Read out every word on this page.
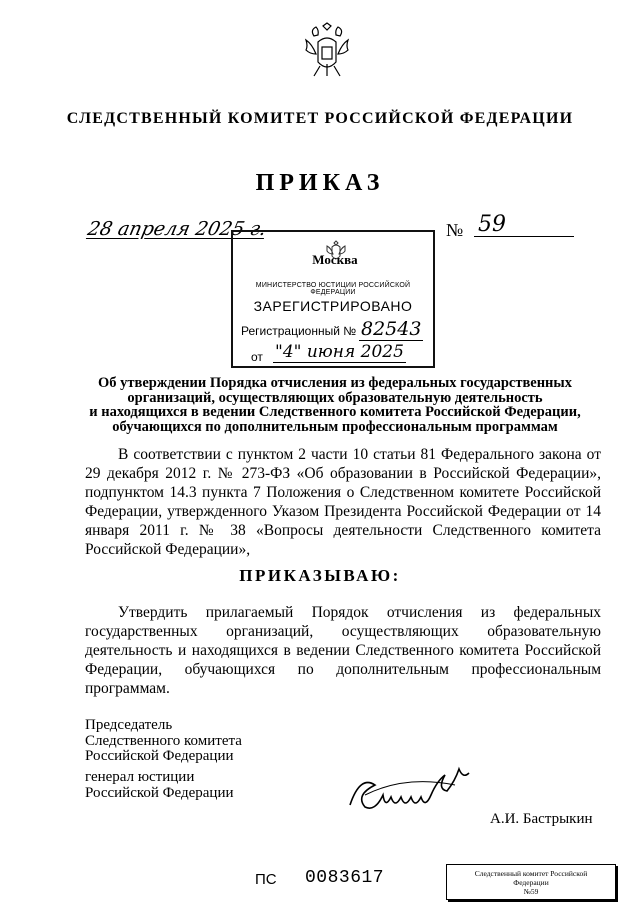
СЛЕДСТВЕННЫЙ КОМИТЕТ РОССИЙСКОЙ ФЕДЕРАЦИИ
ПРИКАЗ
28 апреля 2025 г.	№ 59
Москва
МИНИСТЕРСТВО ЮСТИЦИИ РОССИЙСКОЙ ФЕДЕРАЦИИ
ЗАРЕГИСТРИРОВАНО
Регистрационный № 82543
от "4" июня 2025
Об утверждении Порядка отчисления из федеральных государственных
организаций, осуществляющих образовательную деятельность
и находящихся в ведении Следственного комитета Российской Федерации,
обучающихся по дополнительным профессиональным программам
В соответствии с пунктом 2 части 10 статьи 81 Федерального закона от 29 декабря 2012 г. № 273-ФЗ «Об образовании в Российской Федерации», подпунктом 14.3 пункта 7 Положения о Следственном комитете Российской Федерации, утвержденного Указом Президента Российской Федерации от 14 января 2011 г. № 38 «Вопросы деятельности Следственного комитета Российской Федерации»,
ПРИКАЗЫВАЮ:
Утвердить прилагаемый Порядок отчисления из федеральных государственных организаций, осуществляющих образовательную деятельность и находящихся в ведении Следственного комитета Российской Федерации, обучающихся по дополнительным профессиональным программам.
Председатель
Следственного комитета
Российской Федерации
генерал юстиции
Российской Федерации
А.И. Бастрыкин
ПС 0083617	Следственный комитет Российской
Федерации
№59
